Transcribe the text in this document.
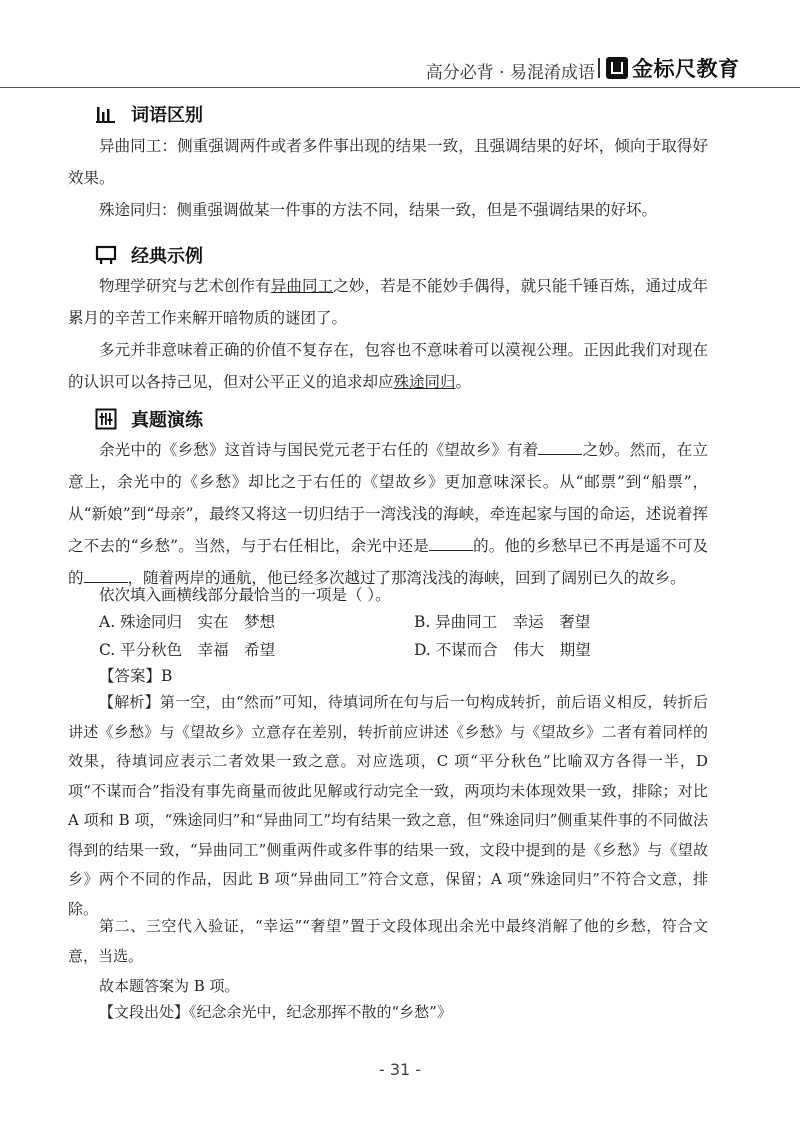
高分必背 · 易混淆成语 金标尺教育
词语区别

异曲同工：侧重强调两件或者多件事出现的结果一致，且强调结果的好坏，倾向于取得好效果。

殊途同归：侧重强调做某一件事的方法不同，结果一致，但是不强调结果的好坏。

经典示例

物理学研究与艺术创作有异曲同工之妙，若是不能妙手偶得，就只能千锤百炼，通过成年累月的辛苦工作来解开暗物质的谜团了。

多元并非意味着正确的价值不复存在，包容也不意味着可以漠视公理。正因此我们对现在的认识可以各持己见，但对公平正义的追求却应殊途同归。

真题演练

余光中的《乡愁》这首诗与国民党元老于右任的《望故乡》有着	之妙。然而，在立意上，余光中的《乡愁》却比之于右任的《望故乡》更加意味深长。从“邮票”到“船票”，从“新娘”到“母亲”，最终又将这一切归结于一湾浅浅的海峡，牵连起家与国的命运，述说着挥之不去的“乡愁”。当然，与于右任相比，余光中还是	的。他的乡愁早已不再是遥不可及的	，随着两岸的通航，他已经多次越过了那湾浅浅的海峡，回到了阔别已久的故乡。

依次填入画横线部分最恰当的一项是（ ）。

A. 殊途同归　实在　梦想	B. 异曲同工　幸运　奢望
C. 平分秋色　幸福　希望	D. 不谋而合　伟大　期望

【答案】B

【解析】第一空，由“然而”可知，待填词所在句与后一句构成转折，前后语义相反，转折后讲述《乡愁》与《望故乡》立意存在差别，转折前应讲述《乡愁》与《望故乡》二者有着同样的效果，待填词应表示二者效果一致之意。对应选项，C 项“平分秋色”比喻双方各得一半，D 项“不谋而合”指没有事先商量而彼此见解或行动完全一致，两项均未体现效果一致，排除；对比 A 项和 B 项，“殊途同归”和“异曲同工”均有结果一致之意，但“殊途同归”侧重某件事的不同做法得到的结果一致，“异曲同工”侧重两件或多件事的结果一致，文段中提到的是《乡愁》与《望故乡》两个不同的作品，因此 B 项“异曲同工”符合文意，保留；A 项“殊途同归”不符合文意，排除。

第二、三空代入验证，“幸运”“奢望”置于文段体现出余光中最终消解了他的乡愁，符合文意，当选。

故本题答案为 B 项。

【文段出处】《纪念余光中，纪念那挥不散的“乡愁”》

- 31 -
